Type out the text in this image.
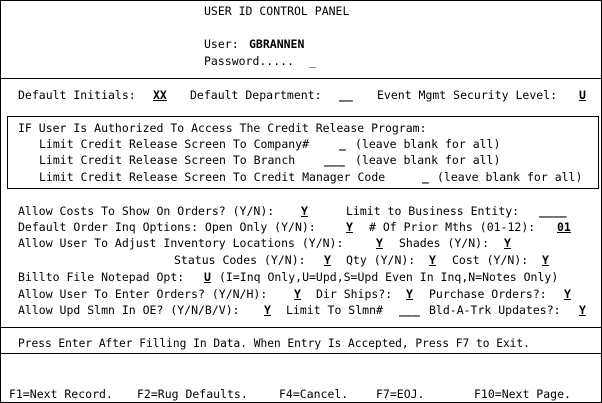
USER ID CONTROL PANEL
User: GBRANNEN
Password..... _
Default Initials: XX Default Department: __ Event Mgmt Security Level: U
IF User Is Authorized To Access The Credit Release Program:
Limit Credit Release Screen To Company#	_ (leave blank for all)
Limit Credit Release Screen To Branch	___ (leave blank for all)
Limit Credit Release Screen To Credit Manager Code	_ (leave blank for all)
Allow Costs To Show On Orders? (Y/N): Y	Limit to Business Entity: ____
Default Order Inq Options: Open Only (Y/N):	Y # Of Prior Mths (01-12): 01
Allow User To Adjust Inventory Locations (Y/N):	Y Shades (Y/N): Y
Status Codes (Y/N): Y Qty (Y/N): Y Cost (Y/N): Y
Billto File Notepad Opt: U (I=Inq Only,U=Upd,S=Upd Even In Inq,N=Notes Only)
Allow User To Enter Orders? (Y/N/H): Y Dir Ships?: Y Purchase Orders?: Y
Allow Upd Slmn In OE? (Y/N/B/V): Y Limit To Slmn# ___ Bld-A-Trk Updates?: Y
Press Enter After Filling In Data. When Entry Is Accepted, Press F7 to Exit.
F1=Next Record. F2=Rug Defaults.	F4=Cancel. F7=EOJ.	F10=Next Page.
